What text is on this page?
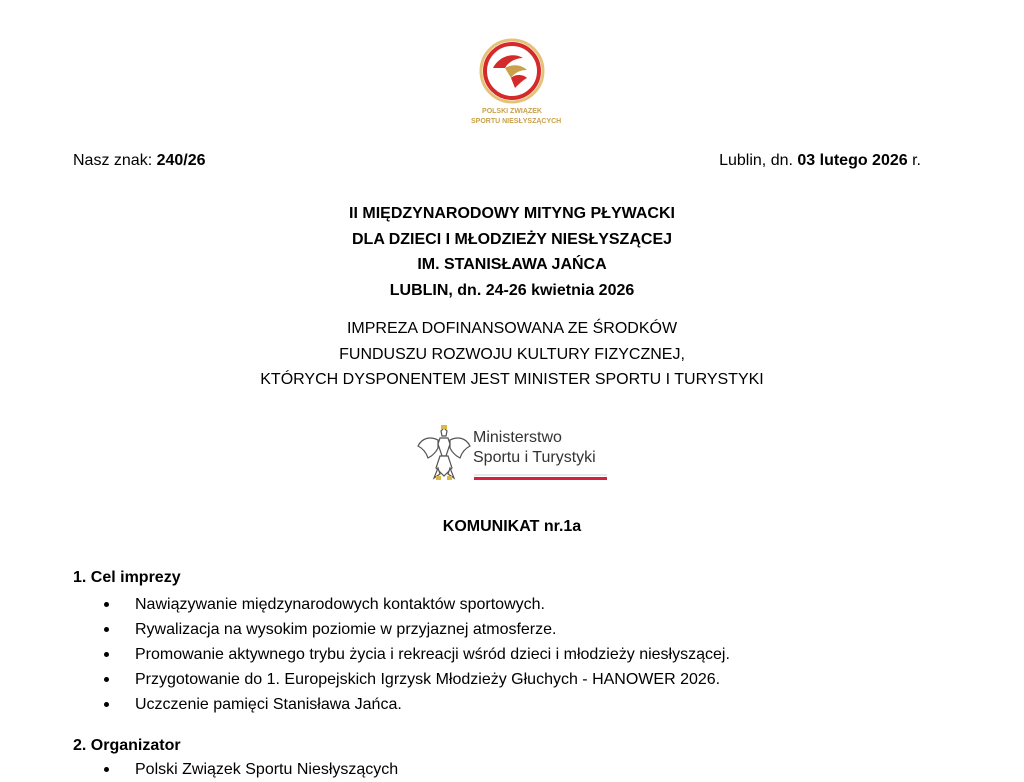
POLSKI ZWIĄZEK
SPORTU NIESŁYSZĄCYCH
Nasz znak: 240/26	Lublin, dn. 03 lutego 2026 r.
II MIĘDZYNARODOWY MITYNG PŁYWACKI
DLA DZIECI I MŁODZIEŻY NIESŁYSZĄCEJ
IM. STANISŁAWA JAŃCA
LUBLIN, dn. 24-26 kwietnia 2026
IMPREZA DOFINANSOWANA ZE ŚRODKÓW
FUNDUSZU ROZWOJU KULTURY FIZYCZNEJ,
KTÓRYCH DYSPONENTEM JEST MINISTER SPORTU I TURYSTYKI
Ministerstwo
Sportu i Turystyki
KOMUNIKAT nr.1a
1. Cel imprezy
Nawiązywanie międzynarodowych kontaktów sportowych.
Rywalizacja na wysokim poziomie w przyjaznej atmosferze.
Promowanie aktywnego trybu życia i rekreacji wśród dzieci i młodzieży niesłyszącej.
Przygotowanie do 1. Europejskich Igrzysk Młodzieży Głuchych - HANOWER 2026.
Uczczenie pamięci Stanisława Jańca.
2. Organizator
Polski Związek Sportu Niesłyszących
